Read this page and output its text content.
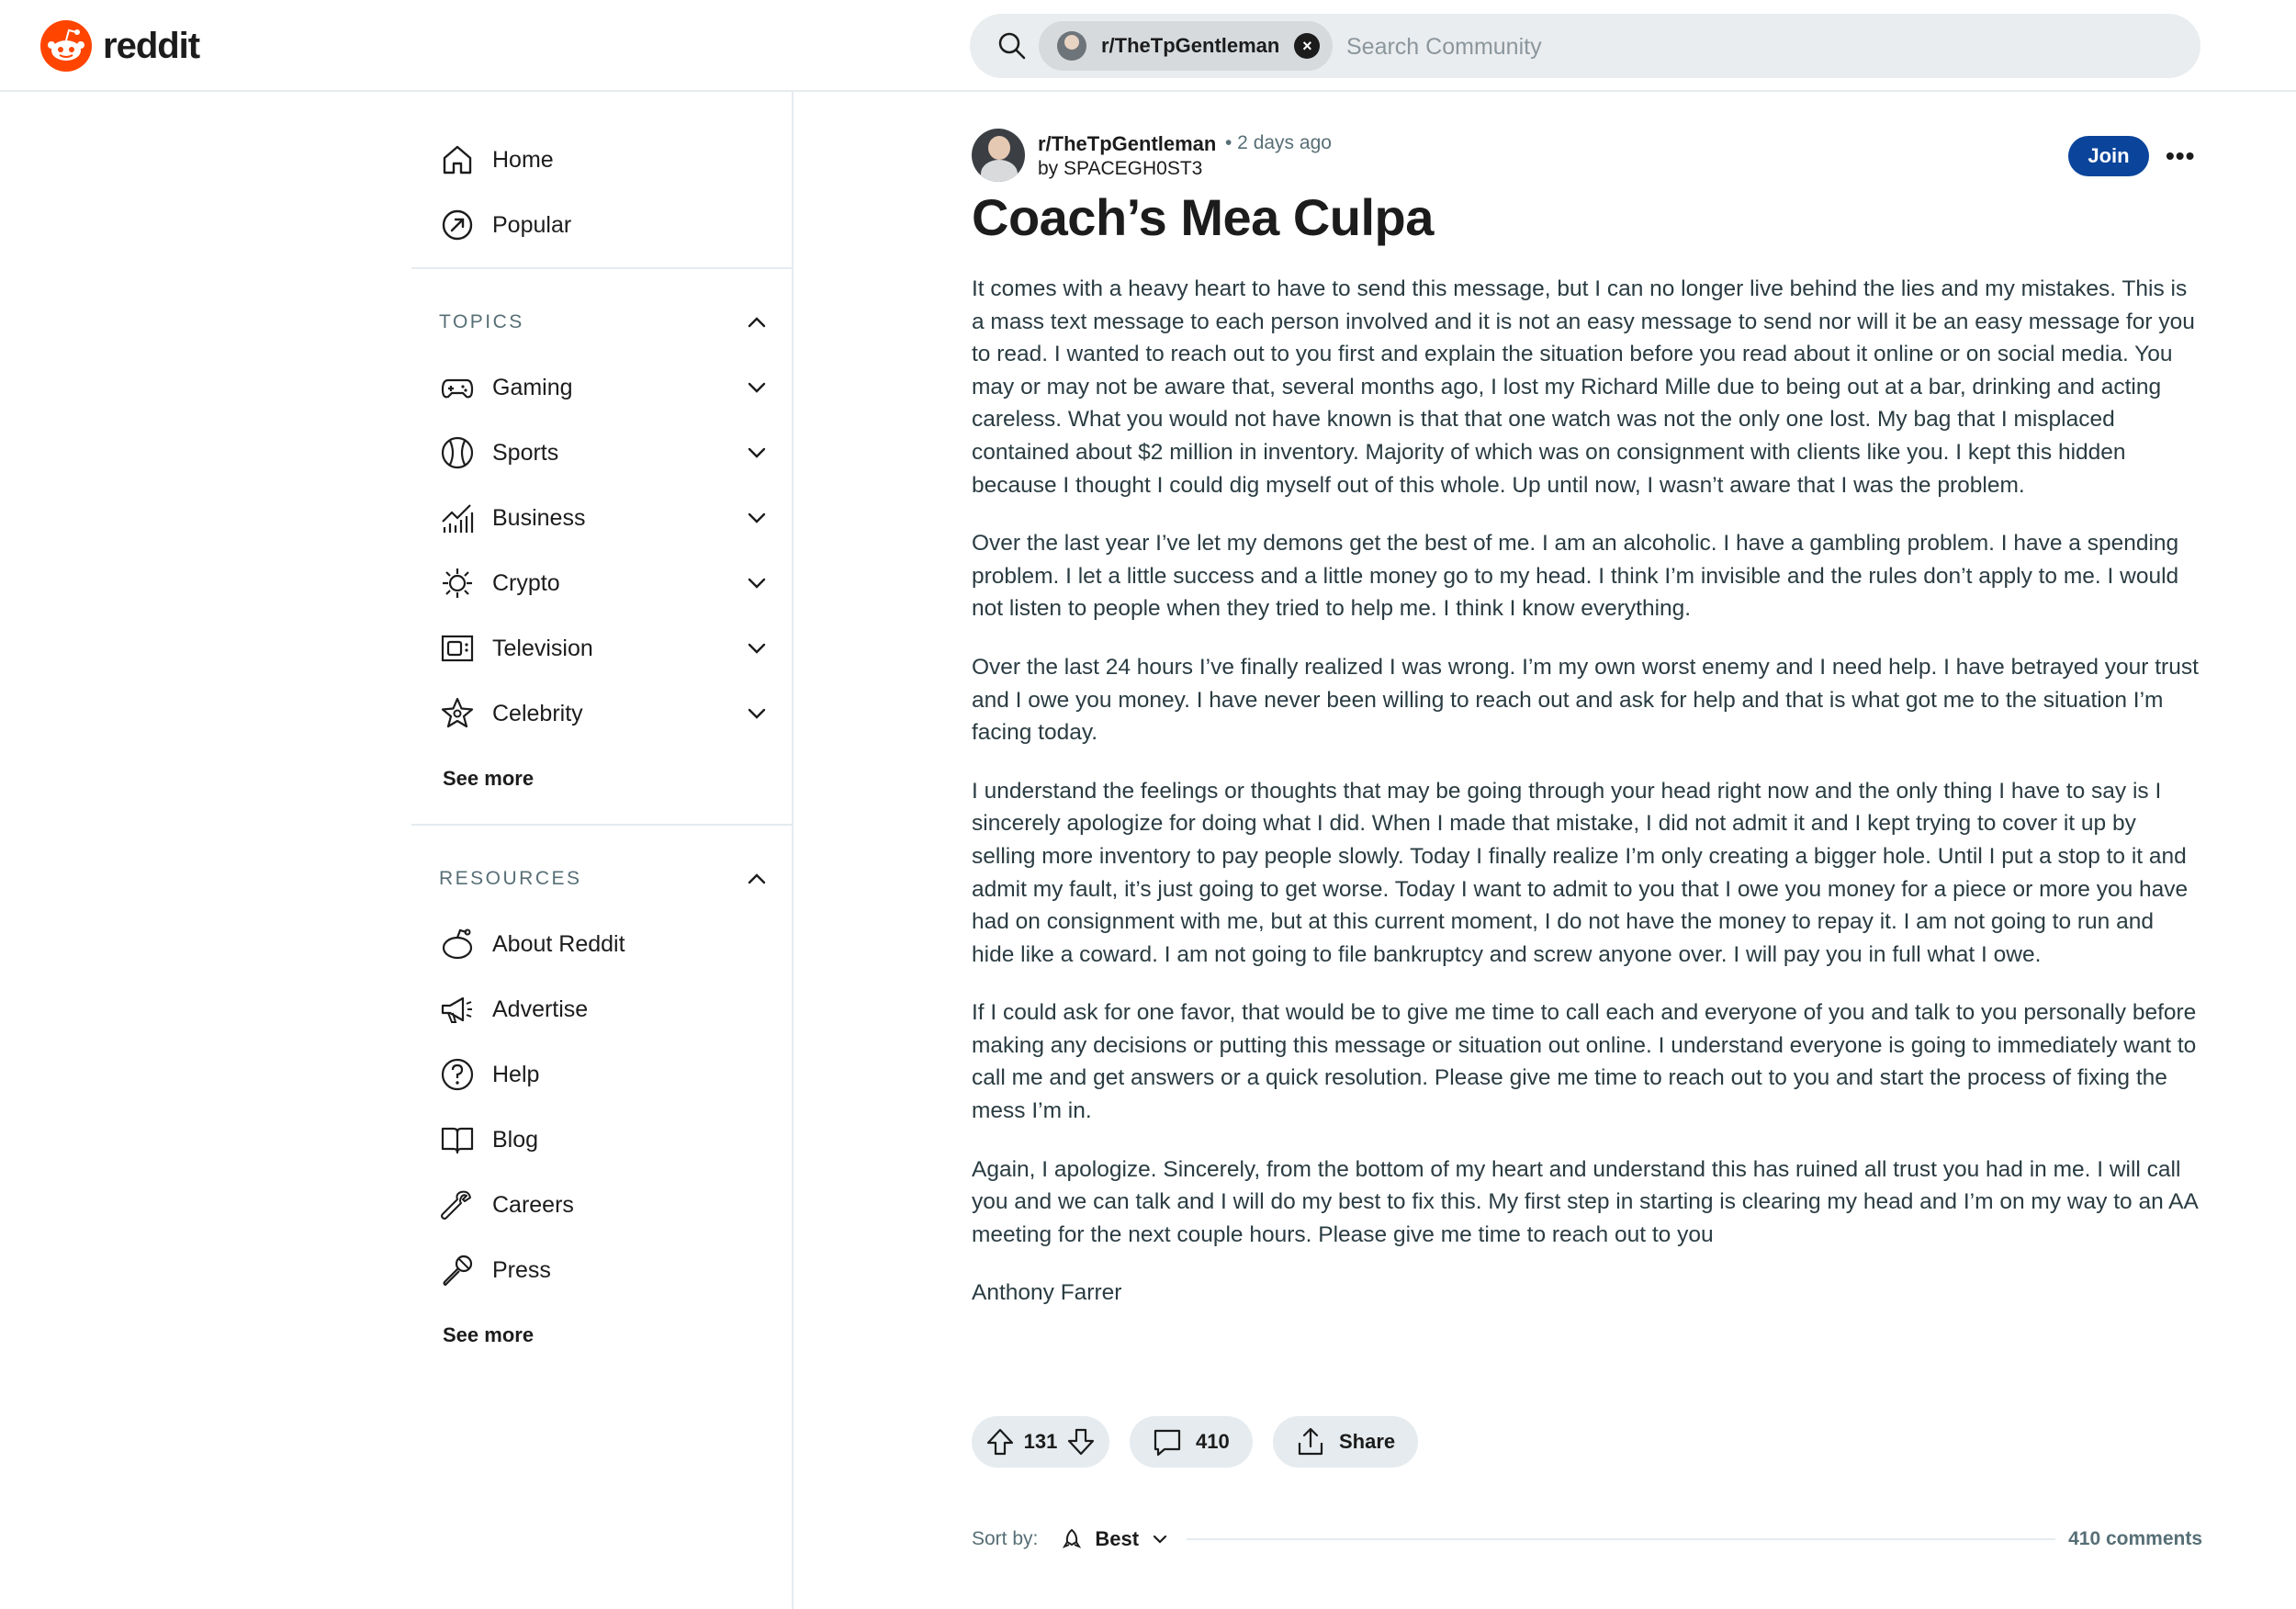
reddit	r/TheTpGentleman	×
Search Community
Home
Popular
TOPICS
Gaming
Sports
Business
Crypto
Television
Celebrity
See more
RESOURCES
About Reddit
Advertise
Help
Blog
Careers
Press
See more
r/TheTpGentleman • 2 days ago
by SPACEGH0ST3
Join	•••
Coach’s Mea Culpa

It comes with a heavy heart to have to send this message, but I can no longer live behind the lies and my mistakes. This is a mass text message to each person involved and it is not an easy message to send nor will it be an easy message for you to read. I wanted to reach out to you first and explain the situation before you read about it online or on social media. You may or may not be aware that, several months ago, I lost my Richard Mille due to being out at a bar, drinking and acting careless. What you would not have known is that that one watch was not the only one lost. My bag that I misplaced contained about $2 million in inventory. Majority of which was on consignment with clients like you. I kept this hidden because I thought I could dig myself out of this whole. Up until now, I wasn’t aware that I was the problem.

Over the last year I’ve let my demons get the best of me. I am an alcoholic. I have a gambling problem. I have a spending problem. I let a little success and a little money go to my head. I think I’m invisible and the rules don’t apply to me. I would not listen to people when they tried to help me. I think I know everything.

Over the last 24 hours I’ve finally realized I was wrong. I’m my own worst enemy and I need help. I have betrayed your trust and I owe you money. I have never been willing to reach out and ask for help and that is what got me to the situation I’m facing today.

I understand the feelings or thoughts that may be going through your head right now and the only thing I have to say is I sincerely apologize for doing what I did. When I made that mistake, I did not admit it and I kept trying to cover it up by selling more inventory to pay people slowly. Today I finally realize I’m only creating a bigger hole. Until I put a stop to it and admit my fault, it’s just going to get worse. Today I want to admit to you that I owe you money for a piece or more you have had on consignment with me, but at this current moment, I do not have the money to repay it. I am not going to run and hide like a coward. I am not going to file bankruptcy and screw anyone over. I will pay you in full what I owe.

If I could ask for one favor, that would be to give me time to call each and everyone of you and talk to you personally before making any decisions or putting this message or situation out online. I understand everyone is going to immediately want to call me and get answers or a quick resolution. Please give me time to reach out to you and start the process of fixing the mess I’m in.

Again, I apologize. Sincerely, from the bottom of my heart and understand this has ruined all trust you had in me. I will call you and we can talk and I will do my best to fix this. My first step in starting is clearing my head and I’m on my way to an AA meeting for the next couple hours. Please give me time to reach out to you

Anthony Farrer

131	410	Share
Sort by:	Best	410 comments
